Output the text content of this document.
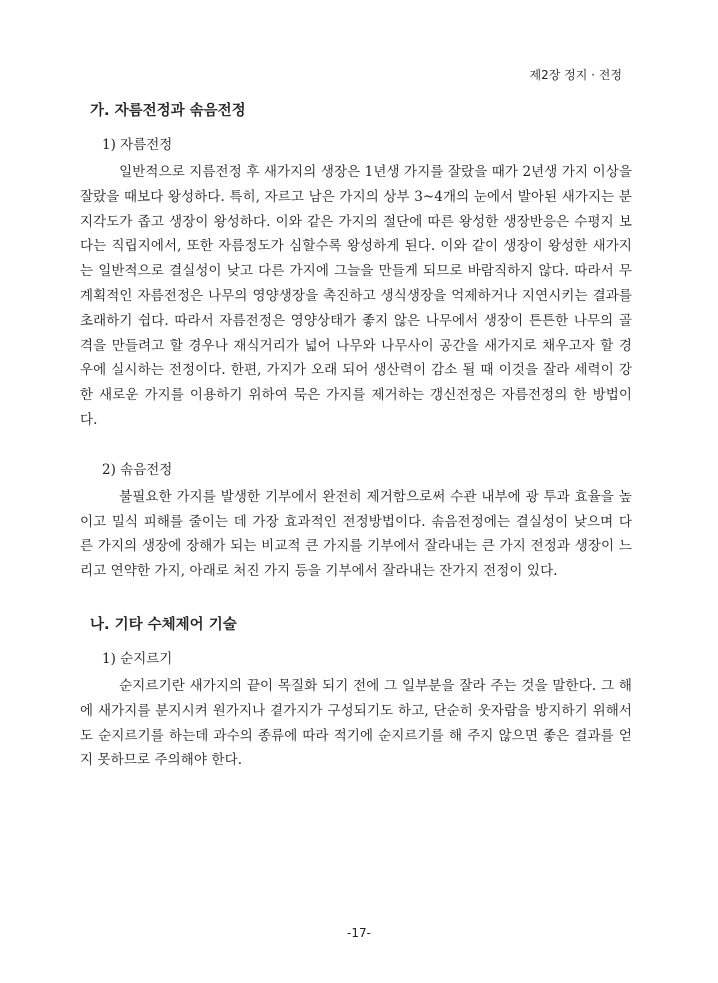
제2장 정지 · 전정
가. 자름전정과 솎음전정
1) 자름전정

일반적으로 지름전정 후 새가지의 생장은 1년생 가지를 잘랐을 때가 2년생 가지 이상을 잘랐을 때보다 왕성하다. 특히, 자르고 남은 가지의 상부 3~4개의 눈에서 발아된 새가지는 분지각도가 좁고 생장이 왕성하다. 이와 같은 가지의 절단에 따른 왕성한 생장반응은 수평지 보다는 직립지에서, 또한 자름정도가 심할수록 왕성하게 된다. 이와 같이 생장이 왕성한 새가지는 일반적으로 결실성이 낮고 다른 가지에 그늘을 만들게 되므로 바람직하지 않다. 따라서 무계획적인 자름전정은 나무의 영양생장을 촉진하고 생식생장을 억제하거나 지연시키는 결과를 초래하기 쉽다. 따라서 자름전정은 영양상태가 좋지 않은 나무에서 생장이 튼튼한 나무의 골격을 만들려고 할 경우나 재식거리가 넓어 나무와 나무사이 공간을 새가지로 채우고자 할 경우에 실시하는 전정이다. 한편, 가지가 오래 되어 생산력이 감소 될 때 이것을 잘라 세력이 강한 새로운 가지를 이용하기 위하여 묵은 가지를 제거하는 갱신전정은 자름전정의 한 방법이다.

2) 솎음전정

불필요한 가지를 발생한 기부에서 완전히 제거함으로써 수관 내부에 광 투과 효율을 높이고 밀식 피해를 줄이는 데 가장 효과적인 전정방법이다. 솎음전정에는 결실성이 낮으며 다른 가지의 생장에 장해가 되는 비교적 큰 가지를 기부에서 잘라내는 큰 가지 전정과 생장이 느리고 연약한 가지, 아래로 처진 가지 등을 기부에서 잘라내는 잔가지 전정이 있다.

나. 기타 수체제어 기술
1) 순지르기

순지르기란 새가지의 끝이 목질화 되기 전에 그 일부분을 잘라 주는 것을 말한다. 그 해에 새가지를 분지시켜 원가지나 곁가지가 구성되기도 하고, 단순히 웃자람을 방지하기 위해서도 순지르기를 하는데 과수의 종류에 따라 적기에 순지르기를 해 주지 않으면 좋은 결과를 얻지 못하므로 주의해야 한다.

-17-
